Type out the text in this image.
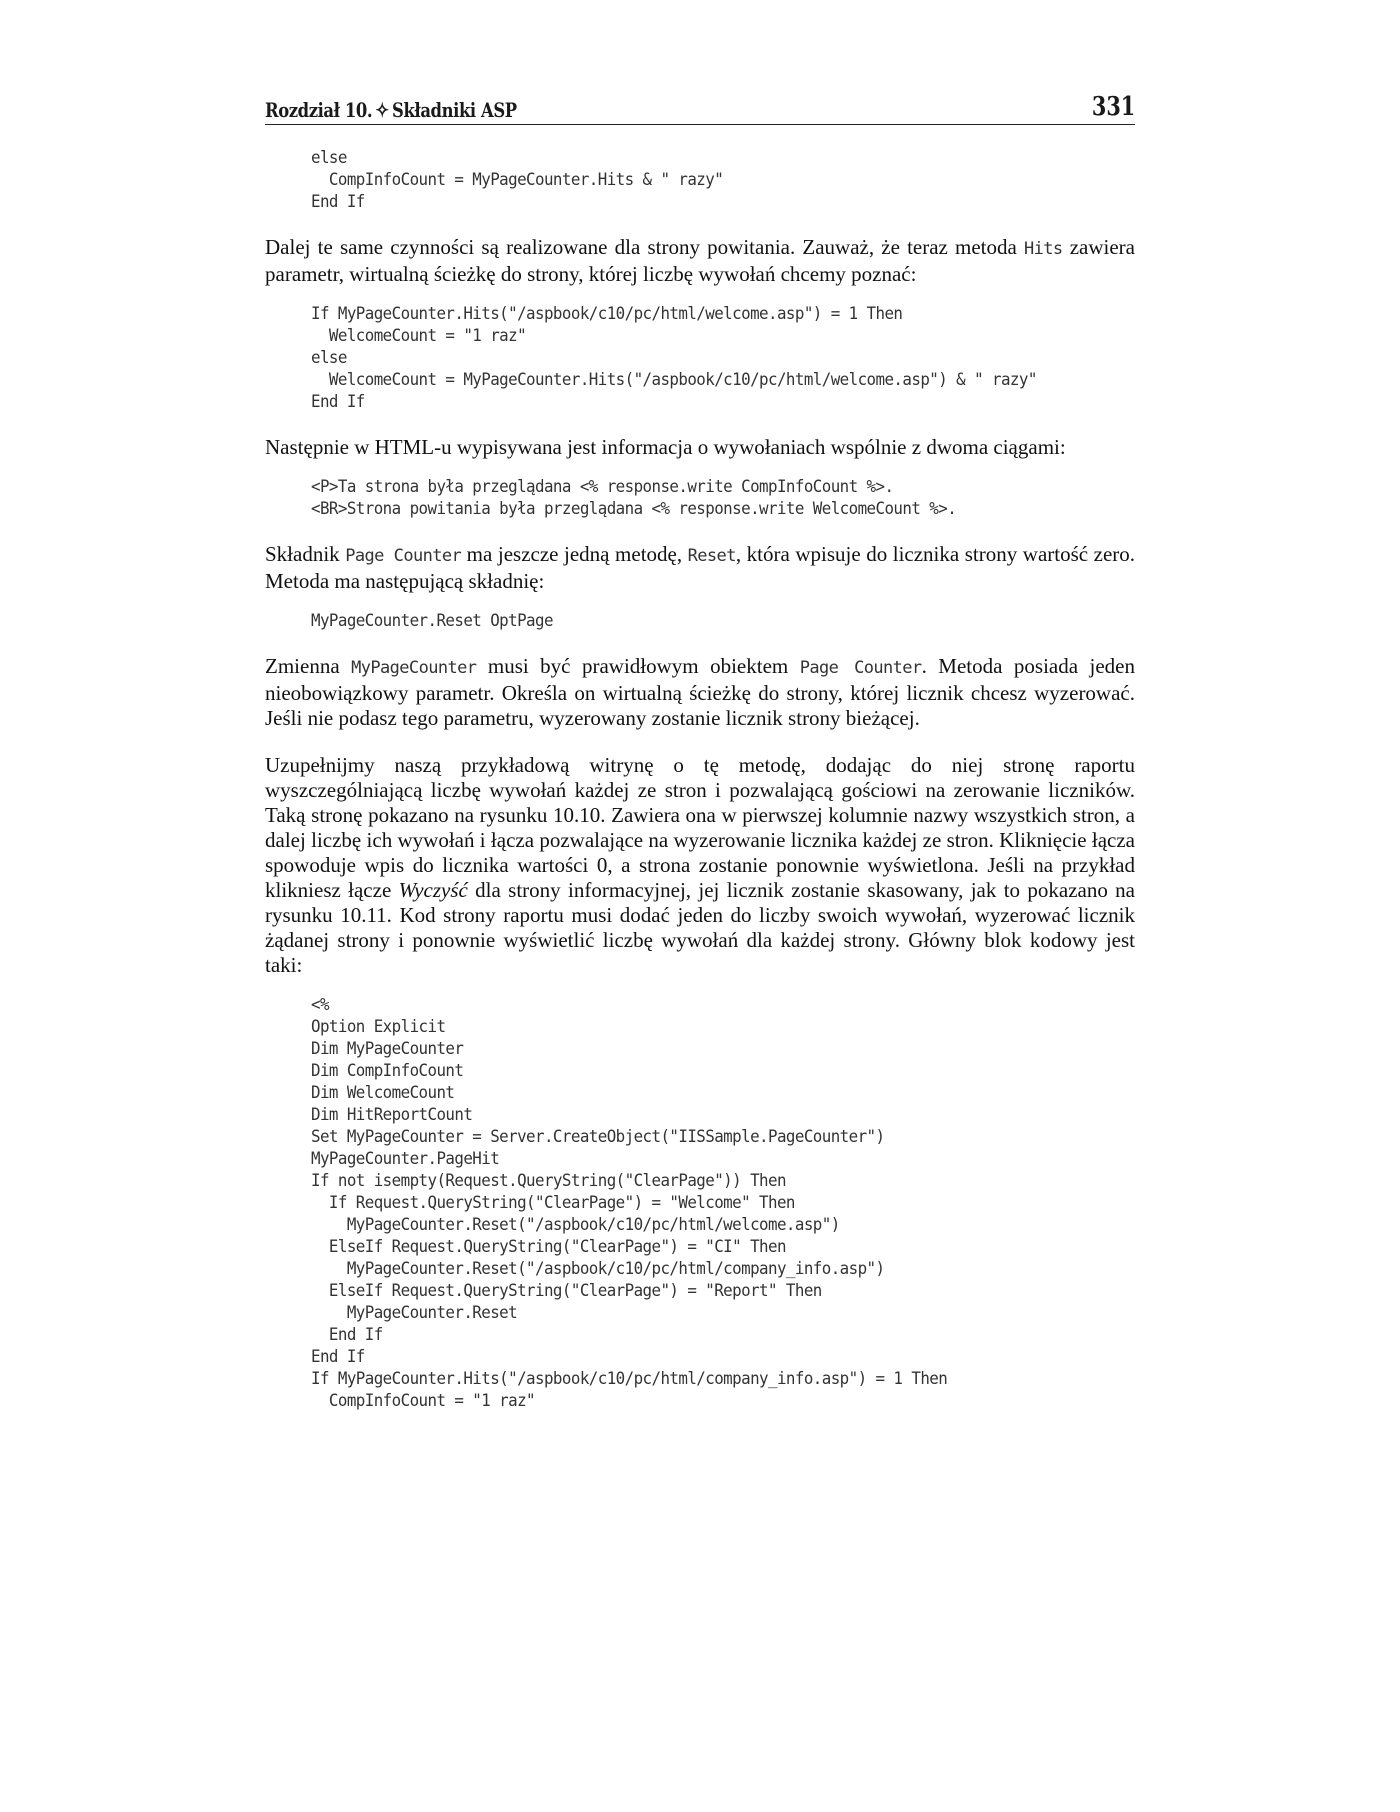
Rozdział 10. ✧ Składniki ASP	331
else
CompInfoCount = MyPageCounter.Hits & " razy"
End If

Dalej te same czynności są realizowane dla strony powitania. Zauważ, że teraz metoda Hits zawiera parametr, wirtualną ścieżkę do strony, której liczbę wywołań chcemy poznać:

If MyPageCounter.Hits("/aspbook/c10/pc/html/welcome.asp") = 1 Then
WelcomeCount = "1 raz"
else
WelcomeCount = MyPageCounter.Hits("/aspbook/c10/pc/html/welcome.asp") & " razy"
End If

Następnie w HTML-u wypisywana jest informacja o wywołaniach wspólnie z dwoma ciągami:

<P>Ta strona była przeglądana <% response.write CompInfoCount %>.
<BR>Strona powitania była przeglądana <% response.write WelcomeCount %>.

Składnik Page Counter ma jeszcze jedną metodę, Reset, która wpisuje do licznika strony wartość zero. Metoda ma następującą składnię:

MyPageCounter.Reset OptPage

Zmienna MyPageCounter musi być prawidłowym obiektem Page Counter. Metoda posiada jeden nieobowiązkowy parametr. Określa on wirtualną ścieżkę do strony, której licznik chcesz wyzerować. Jeśli nie podasz tego parametru, wyzerowany zostanie licznik strony bieżącej.

Uzupełnijmy naszą przykładową witrynę o tę metodę, dodając do niej stronę raportu wyszczególniającą liczbę wywołań każdej ze stron i pozwalającą gościowi na zerowanie liczników. Taką stronę pokazano na rysunku 10.10. Zawiera ona w pierwszej kolumnie nazwy wszystkich stron, a dalej liczbę ich wywołań i łącza pozwalające na wyzerowanie licznika każdej ze stron. Kliknięcie łącza spowoduje wpis do licznika wartości 0, a strona zostanie ponownie wyświetlona. Jeśli na przykład klikniesz łącze Wyczyść dla strony informacyjnej, jej licznik zostanie skasowany, jak to pokazano na rysunku 10.11. Kod strony raportu musi dodać jeden do liczby swoich wywołań, wyzerować licznik żądanej strony i ponownie wyświetlić liczbę wywołań dla każdej strony. Główny blok kodowy jest taki:

<%
Option Explicit
Dim MyPageCounter
Dim CompInfoCount
Dim WelcomeCount
Dim HitReportCount
Set MyPageCounter = Server.CreateObject("IISSample.PageCounter")
MyPageCounter.PageHit
If not isempty(Request.QueryString("ClearPage")) Then
If Request.QueryString("ClearPage") = "Welcome" Then
MyPageCounter.Reset("/aspbook/c10/pc/html/welcome.asp")
ElseIf Request.QueryString("ClearPage") = "CI" Then
MyPageCounter.Reset("/aspbook/c10/pc/html/company_info.asp")
ElseIf Request.QueryString("ClearPage") = "Report" Then
MyPageCounter.Reset
End If
End If
If MyPageCounter.Hits("/aspbook/c10/pc/html/company_info.asp") = 1 Then
CompInfoCount = "1 raz"
